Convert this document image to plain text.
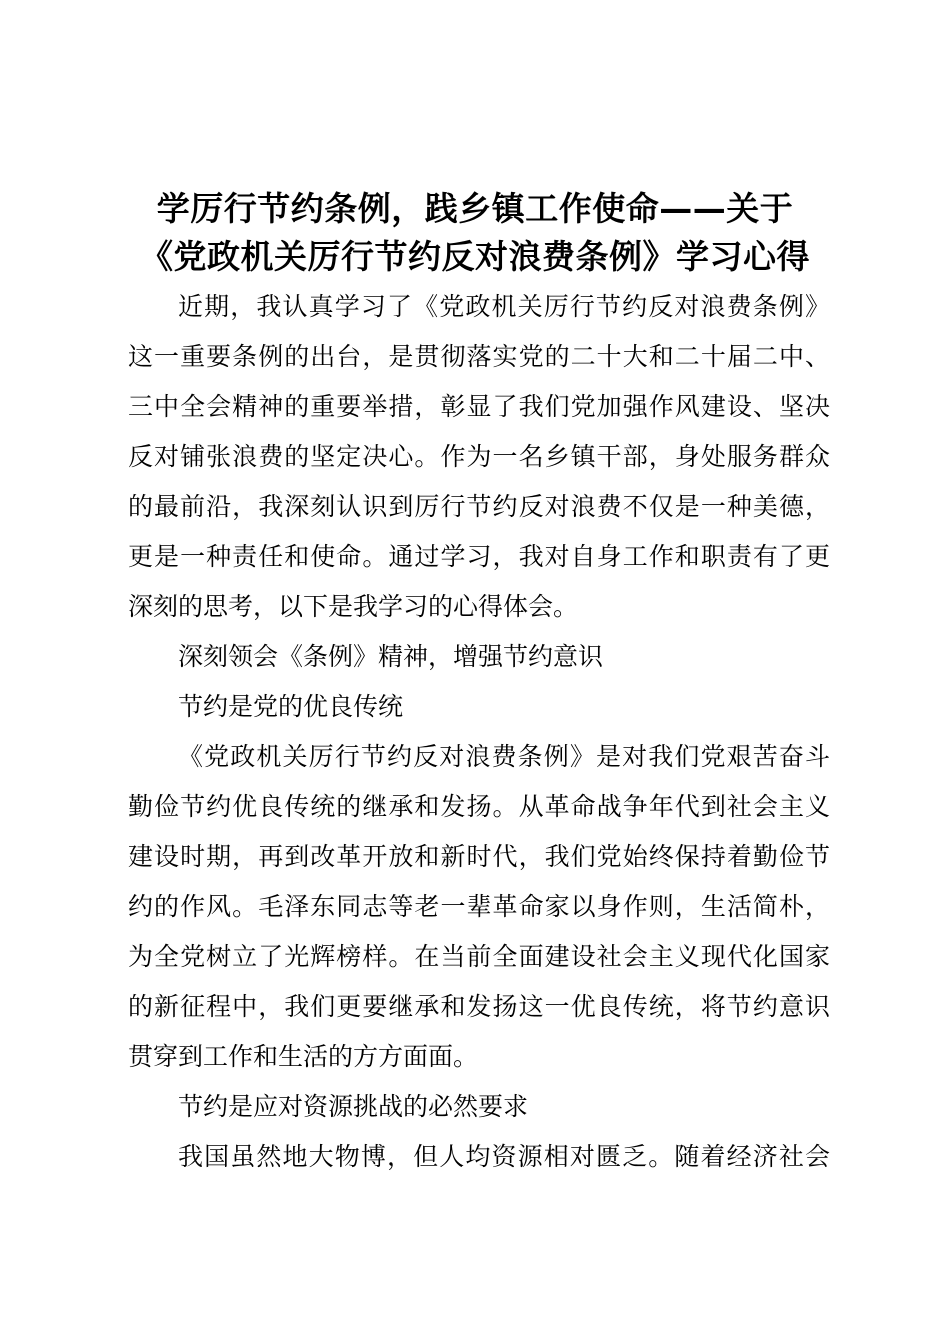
学厉行节约条例，践乡镇工作使命——关于
《党政机关厉行节约反对浪费条例》学习心得
近期，我认真学习了《党政机关厉行节约反对浪费条例》
这一重要条例的出台，是贯彻落实党的二十大和二十届二中、
三中全会精神的重要举措，彰显了我们党加强作风建设、坚决
反对铺张浪费的坚定决心。作为一名乡镇干部，身处服务群众
的最前沿，我深刻认识到厉行节约反对浪费不仅是一种美德，
更是一种责任和使命。通过学习，我对自身工作和职责有了更
深刻的思考，以下是我学习的心得体会。
深刻领会《条例》精神，增强节约意识
节约是党的优良传统
《党政机关厉行节约反对浪费条例》是对我们党艰苦奋斗
勤俭节约优良传统的继承和发扬。从革命战争年代到社会主义
建设时期，再到改革开放和新时代，我们党始终保持着勤俭节
约的作风。毛泽东同志等老一辈革命家以身作则，生活简朴，
为全党树立了光辉榜样。在当前全面建设社会主义现代化国家
的新征程中，我们更要继承和发扬这一优良传统，将节约意识
贯穿到工作和生活的方方面面。
节约是应对资源挑战的必然要求
我国虽然地大物博，但人均资源相对匮乏。随着经济社会
